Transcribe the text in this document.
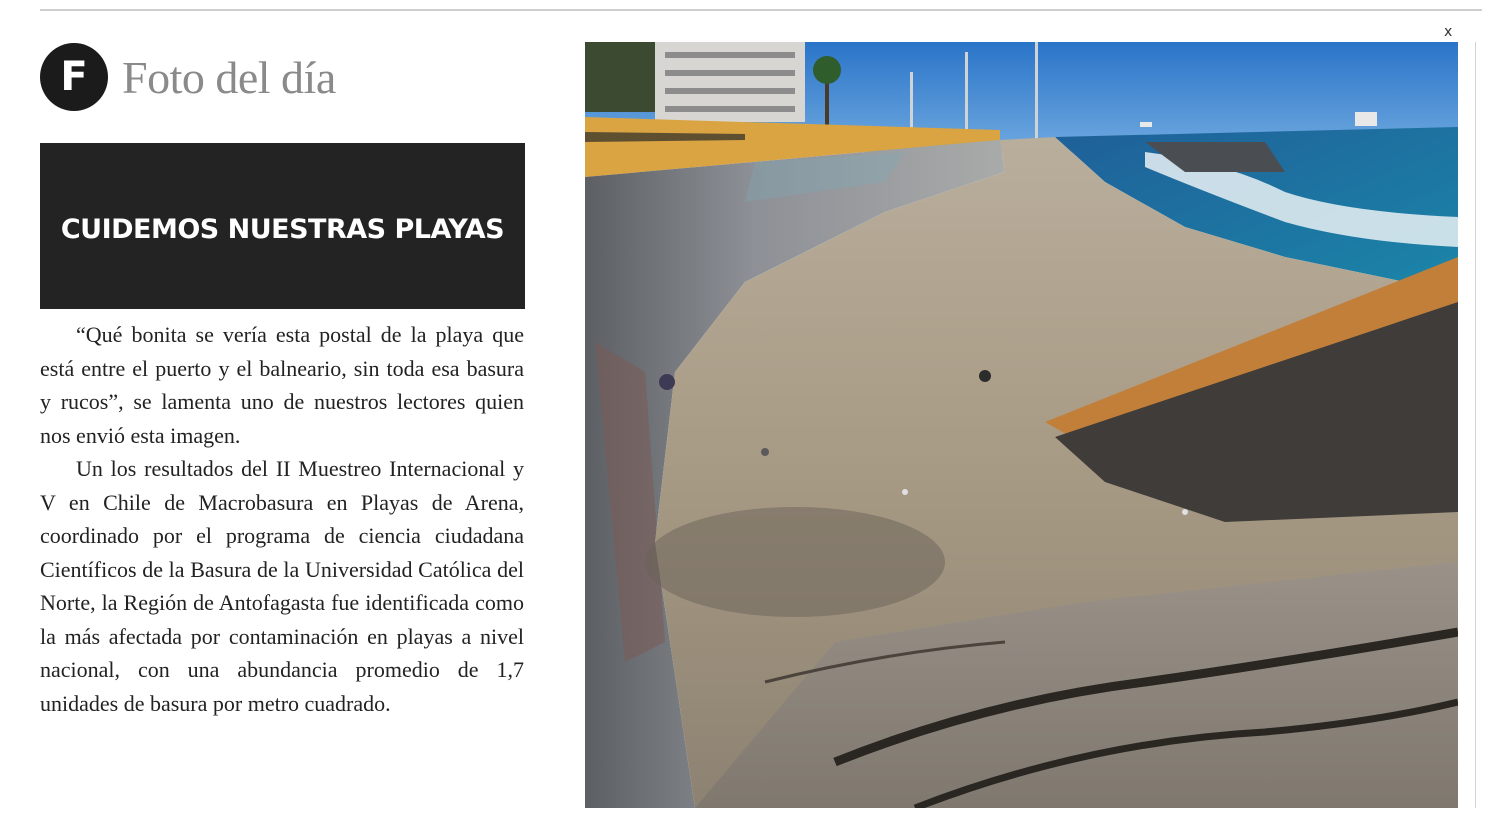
F Foto del día
CUIDEMOS NUESTRAS PLAYAS

“Qué bonita se vería esta postal de la playa que está entre el puerto y el balneario, sin toda esa basura y rucos”, se lamenta uno de nuestros lectores quien nos envió esta imagen.

Un los resultados del II Muestreo Internacional y V en Chile de Macrobasura en Playas de Arena, coordinado por el programa de ciencia ciudadana Científicos de la Basura de la Universidad Católica del Norte, la Región de Antofagasta fue identificada como la más afectada por contaminación en playas a nivel nacional, con una abundancia promedio de 1,7 unidades de basura por metro cuadrado.

x
